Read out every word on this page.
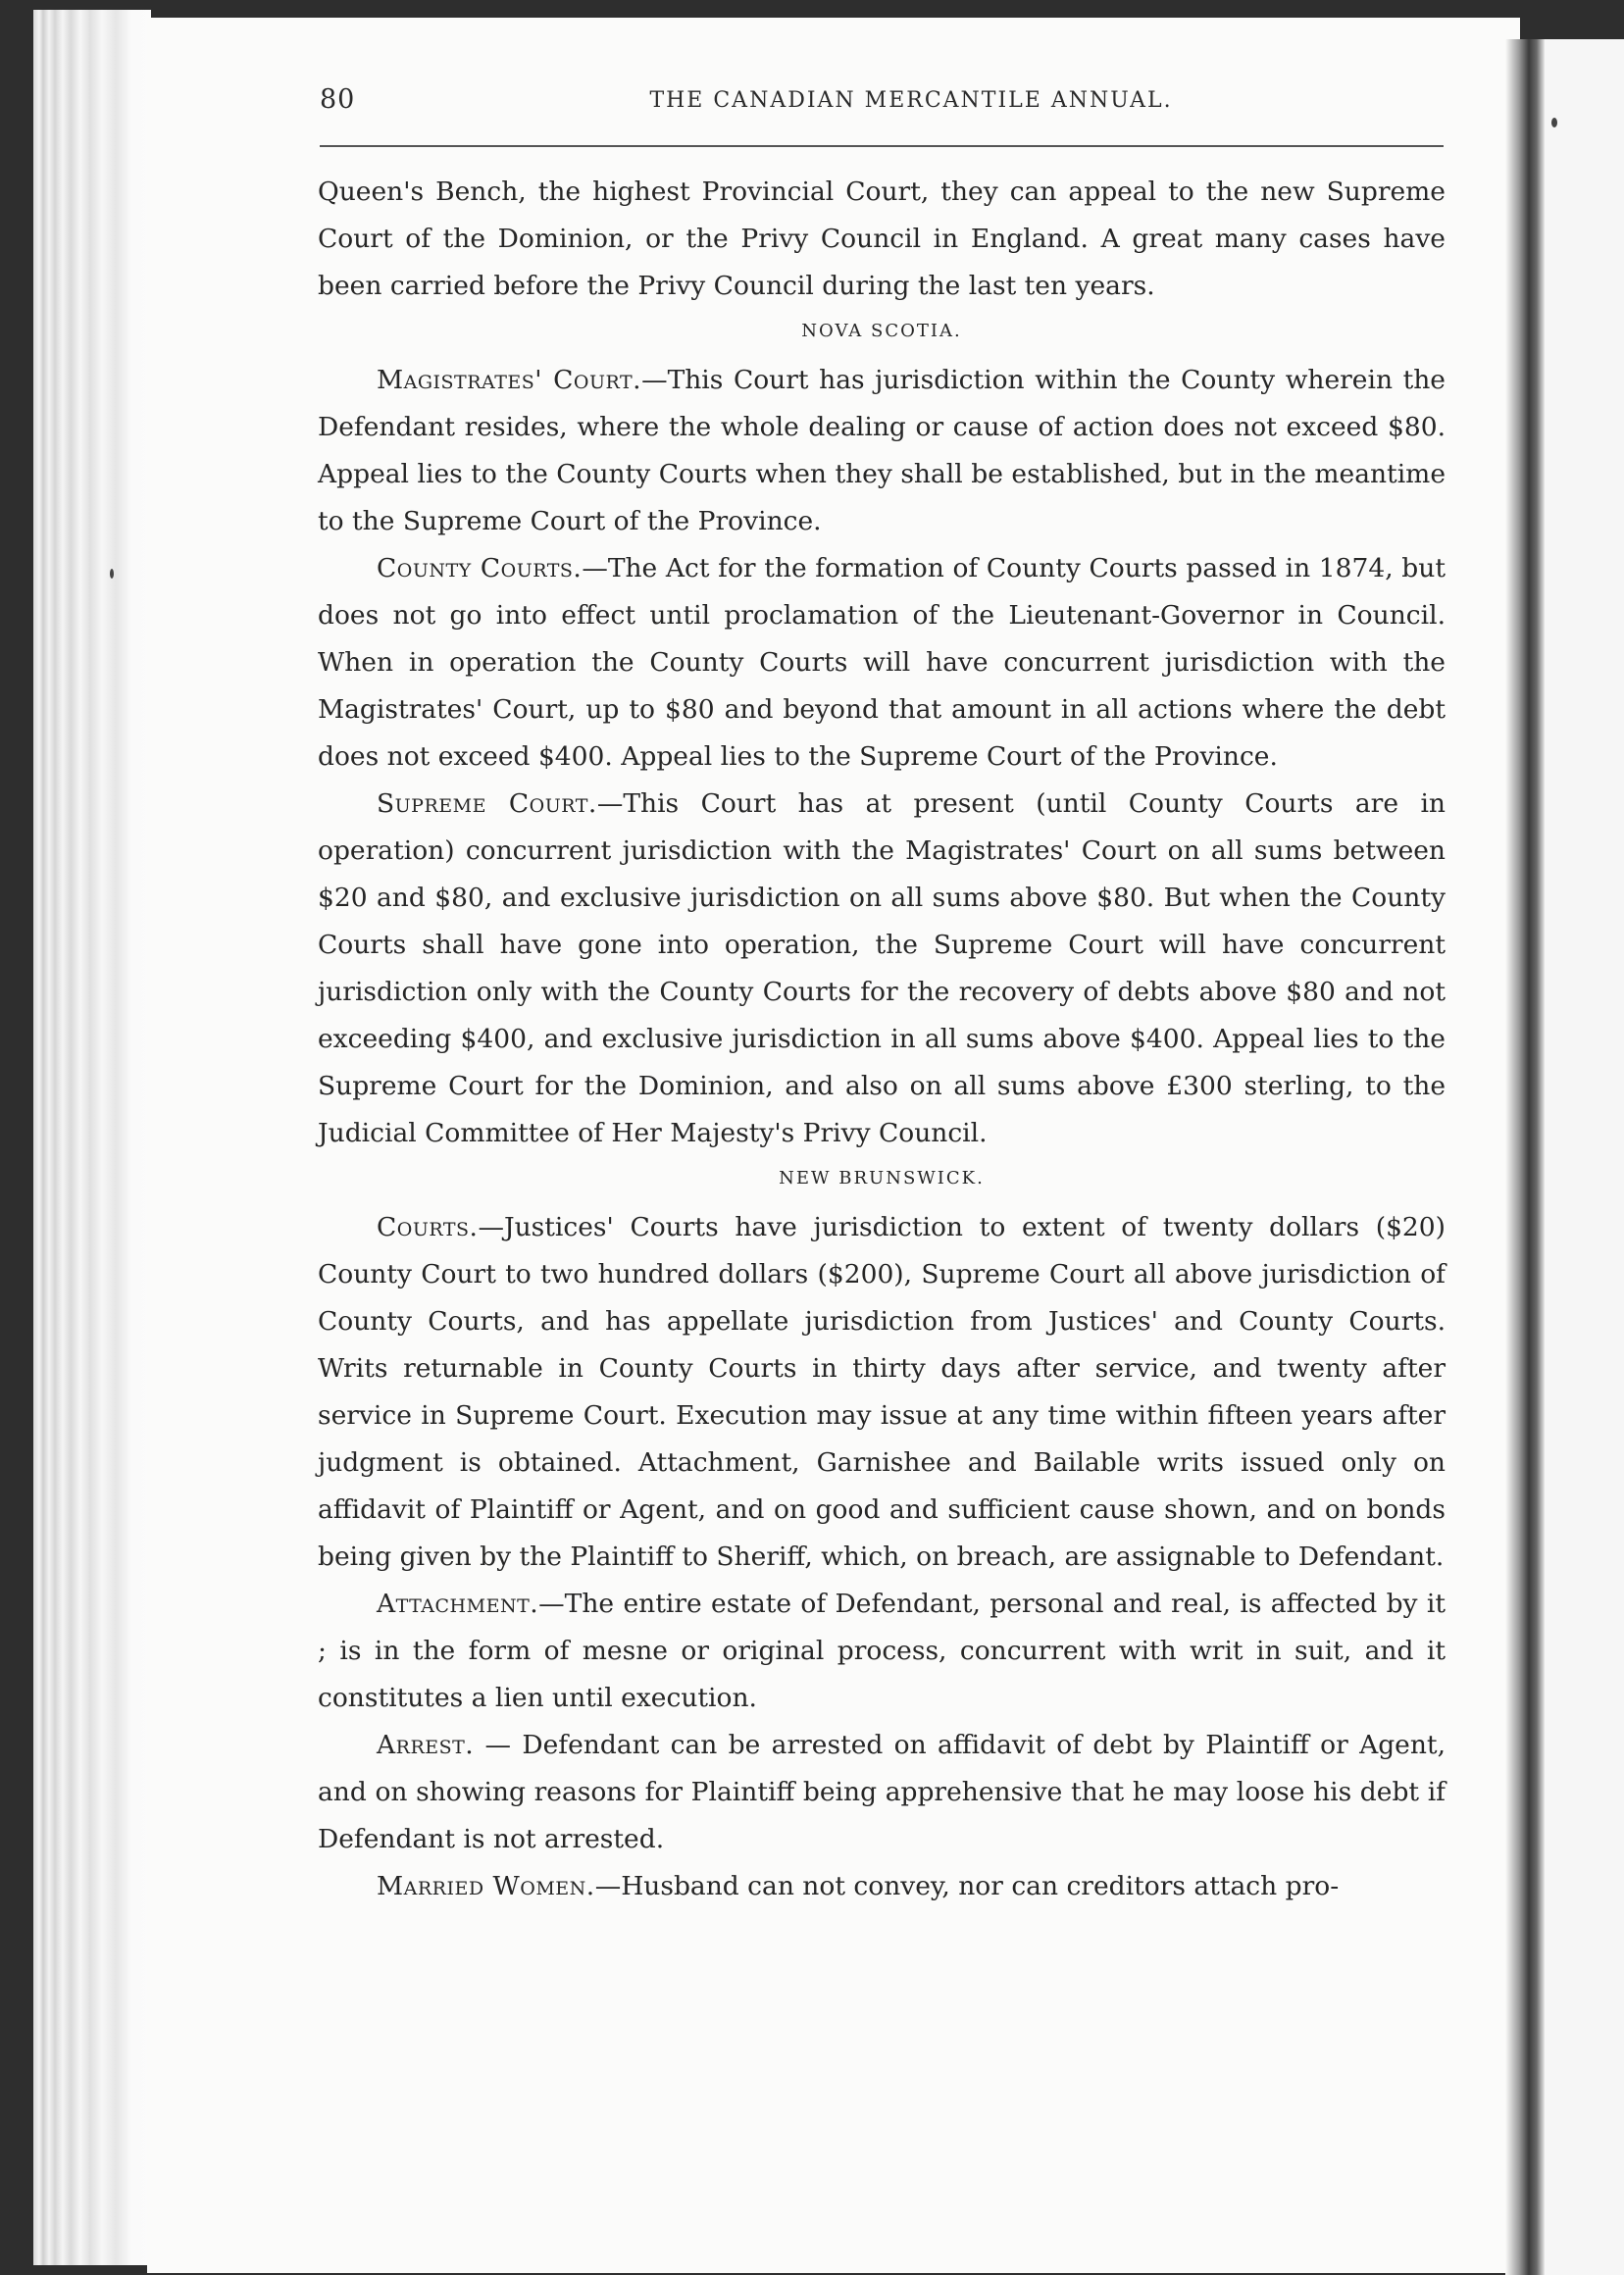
80	THE CANADIAN MERCANTILE ANNUAL.

Queen's Bench, the highest Provincial Court, they can appeal to the new Supreme Court of the Dominion, or the Privy Council in England. A great many cases have been carried before the Privy Council during the last ten years.

NOVA SCOTIA.

Magistrates' Court.—This Court has jurisdiction within the County wherein the Defendant resides, where the whole dealing or cause of action does not exceed $80. Appeal lies to the County Courts when they shall be established, but in the meantime to the Supreme Court of the Province.

County Courts.—The Act for the formation of County Courts passed in 1874, but does not go into effect until proclamation of the Lieutenant-Governor in Council. When in operation the County Courts will have concurrent jurisdiction with the Magistrates' Court, up to $80 and beyond that amount in all actions where the debt does not exceed $400. Appeal lies to the Supreme Court of the Province.

Supreme Court.—This Court has at present (until County Courts are in operation) concurrent jurisdiction with the Magistrates' Court on all sums between $20 and $80, and exclusive jurisdiction on all sums above $80. But when the County Courts shall have gone into operation, the Supreme Court will have concurrent jurisdiction only with the County Courts for the recovery of debts above $80 and not exceeding $400, and exclusive jurisdiction in all sums above $400. Appeal lies to the Supreme Court for the Dominion, and also on all sums above £300 sterling, to the Judicial Committee of Her Majesty's Privy Council.

NEW BRUNSWICK.

Courts.—Justices' Courts have jurisdiction to extent of twenty dollars ($20) County Court to two hundred dollars ($200), Supreme Court all above jurisdiction of County Courts, and has appellate jurisdiction from Justices' and County Courts. Writs returnable in County Courts in thirty days after service, and twenty after service in Supreme Court. Execution may issue at any time within fifteen years after judgment is obtained. Attachment, Garnishee and Bailable writs issued only on affidavit of Plaintiff or Agent, and on good and sufficient cause shown, and on bonds being given by the Plaintiff to Sheriff, which, on breach, are assignable to Defendant.

Attachment.—The entire estate of Defendant, personal and real, is affected by it ; is in the form of mesne or original process, concurrent with writ in suit, and it constitutes a lien until execution.

Arrest. — Defendant can be arrested on affidavit of debt by Plaintiff or Agent, and on showing reasons for Plaintiff being apprehensive that he may loose his debt if Defendant is not arrested.

Married Women.—Husband can not convey, nor can creditors attach pro-
